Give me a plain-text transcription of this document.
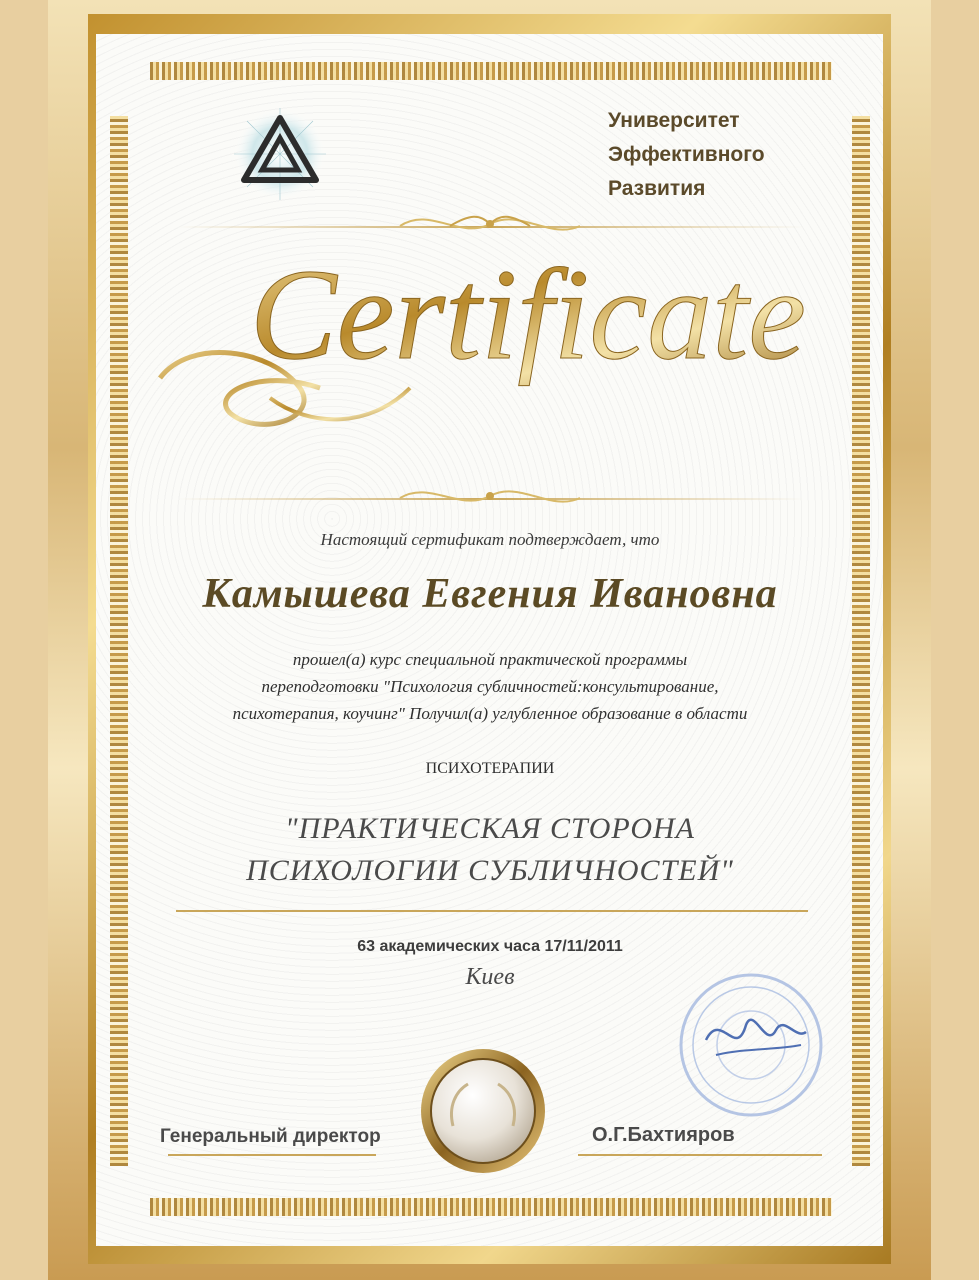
Университет
Эффективного
Развития
Certificate
Настоящий сертификат подтверждает, что
Камышева Евгения Ивановна
прошел(а) курс специальной практической программы
переподготовки "Психология субличностей:консультирование,
психотерапия, коучинг" Получил(а) углубленное образование в области
ПСИХОТЕРАПИИ
"ПРАКТИЧЕСКАЯ СТОРОНА
ПСИХОЛОГИИ СУБЛИЧНОСТЕЙ"
63 академических часа 17/11/2011
Киев
Генеральный директор	О.Г.Бахтияров
